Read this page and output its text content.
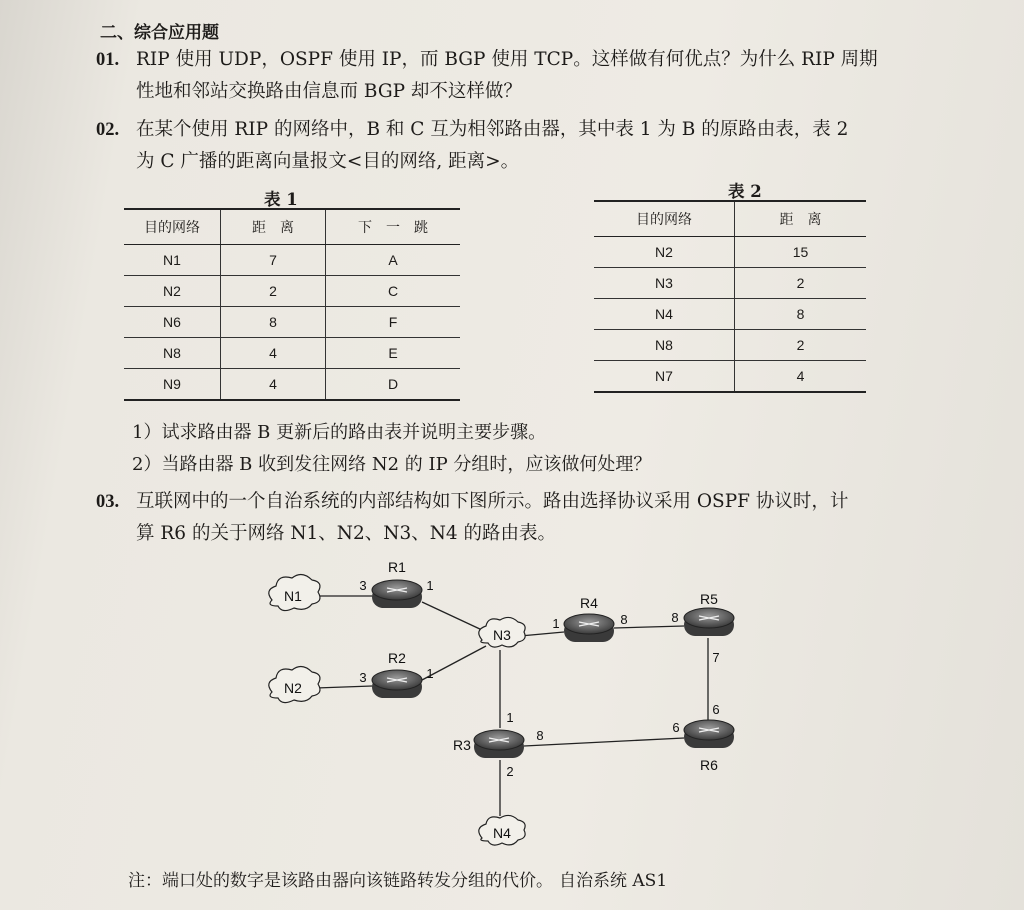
二、综合应用题
01. RIP 使用 UDP，OSPF 使用 IP，而 BGP 使用 TCP。这样做有何优点？为什么 RIP 周期
性地和邻站交换路由信息而 BGP 却不这样做？
02. 在某个使用 RIP 的网络中，B 和 C 互为相邻路由器，其中表 1 为 B 的原路由表，表 2
为 C 广播的距离向量报文<目的网络, 距离>。
表 1
目的网络	距　离	下　一　跳
N1	7	A
N2	2	C
N6	8	F
N8	4	E
N9	4	D
表 2
目的网络	距　离
N2	15
N3	2
N4	8
N8	2
N7	4
1）试求路由器 B 更新后的路由表并说明主要步骤。
2）当路由器 B 收到发往网络 N2 的 IP 分组时，应该做何处理？
03. 互联网中的一个自治系统的内部结构如下图所示。路由选择协议采用 OSPF 协议时，计
算 R6 的关于网络 N1、N2、N3、N4 的路由表。
N1
N2
N3
N4
R1
R2
R4	R5
R3
R6
3	1
3	1
1	8	8
7
6
6
1
8
2
注：端口处的数字是该路由器向该链路转发分组的代价。 自治系统 AS1
